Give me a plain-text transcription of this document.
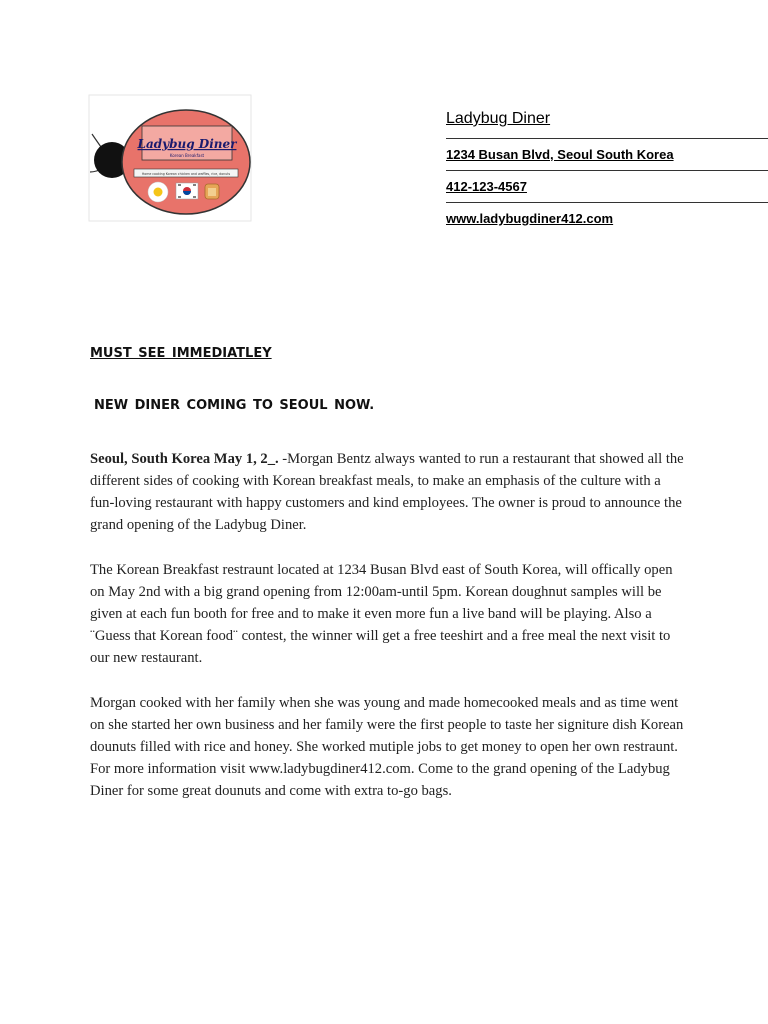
Ladybug Diner
Korean Breakfast
Home cooking Korean chicken and waffles, rice, donuts
Ladybug Diner
1234 Busan Blvd, Seoul South Korea
412-123-4567
www.ladybugdiner412.com
MUST SEE IMMEDIATLEY
NEW DINER COMING TO SEOUL NOW.

Seoul, South Korea May 1, 2_. -Morgan Bentz always wanted to run a restaurant that showed all the different sides of cooking with Korean breakfast meals, to make an emphasis of the culture with a fun-loving restaurant with happy customers and kind employees. The owner is proud to announce the grand opening of the Ladybug Diner.

The Korean Breakfast restraunt located at 1234 Busan Blvd east of South Korea, will offically open on May 2nd with a big grand opening from 12:00am-until 5pm. Korean doughnut samples will be given at each fun booth for free and to make it even more fun a live band will be playing. Also a ¨Guess that Korean food¨ contest, the winner will get a free teeshirt and a free meal the next visit to our new restaurant.

Morgan cooked with her family when she was young and made homecooked meals and as time went on she started her own business and her family were the first people to taste her signiture dish Korean dounuts filled with rice and honey. She worked mutiple jobs to get money to open her own restraunt. For more information visit www.ladybugdiner412.com. Come to the grand opening of the Ladybug Diner for some great dounuts and come with extra to-go bags.
